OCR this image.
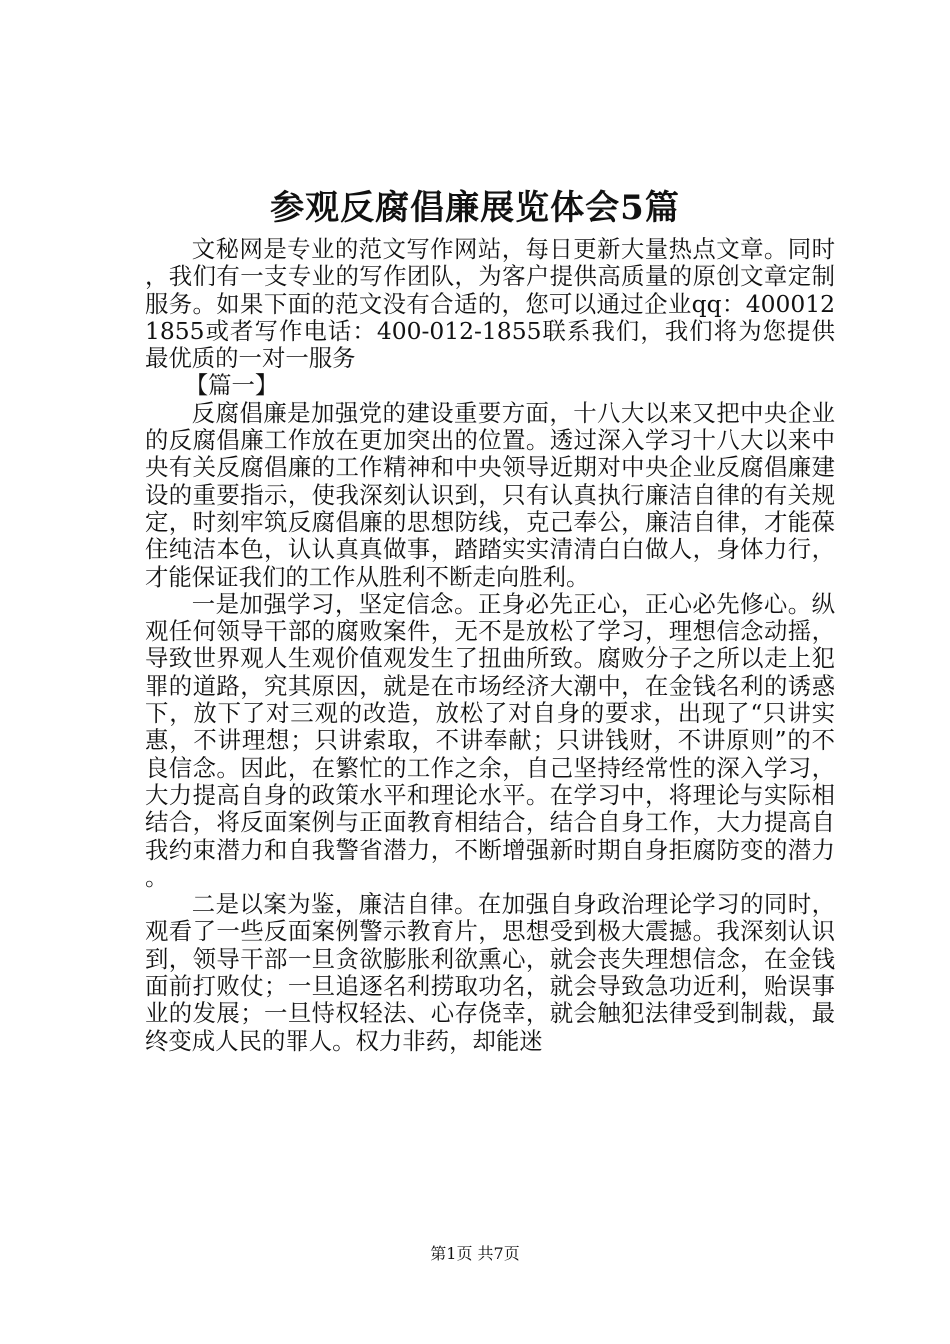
参观反腐倡廉展览体会5篇

文秘网是专业的范文写作网站，每日更新大量热点文章。同时，我们有一支专业的写作团队，为客户提供高质量的原创文章定制服务。如果下面的范文没有合适的，您可以通过企业qq：4000121855或者写作电话：400-012-1855联系我们，我们将为您提供最优质的一对一服务

【篇一】

反腐倡廉是加强党的建设重要方面，十八大以来又把中央企业的反腐倡廉工作放在更加突出的位置。透过深入学习十八大以来中央有关反腐倡廉的工作精神和中央领导近期对中央企业反腐倡廉建设的重要指示，使我深刻认识到，只有认真执行廉洁自律的有关规定，时刻牢筑反腐倡廉的思想防线，克己奉公，廉洁自律，才能葆住纯洁本色，认认真真做事，踏踏实实清清白白做人，身体力行，才能保证我们的工作从胜利不断走向胜利。

一是加强学习，坚定信念。正身必先正心，正心必先修心。纵观任何领导干部的腐败案件，无不是放松了学习，理想信念动摇，导致世界观人生观价值观发生了扭曲所致。腐败分子之所以走上犯罪的道路，究其原因，就是在市场经济大潮中，在金钱名利的诱惑下，放下了对三观的改造，放松了对自身的要求，出现了“只讲实惠，不讲理想；只讲索取，不讲奉献；只讲钱财，不讲原则”的不良信念。因此，在繁忙的工作之余，自己坚持经常性的深入学习，大力提高自身的政策水平和理论水平。在学习中，将理论与实际相结合，将反面案例与正面教育相结合，结合自身工作，大力提高自我约束潜力和自我警省潜力，不断增强新时期自身拒腐防变的潜力。

二是以案为鉴，廉洁自律。在加强自身政治理论学习的同时，观看了一些反面案例警示教育片，思想受到极大震撼。我深刻认识到，领导干部一旦贪欲膨胀利欲熏心，就会丧失理想信念，在金钱面前打败仗；一旦追逐名利捞取功名，就会导致急功近利，贻误事业的发展；一旦恃权轻法、心存侥幸，就会触犯法律受到制裁，最终变成人民的罪人。权力非药，却能迷

第1页 共7页
